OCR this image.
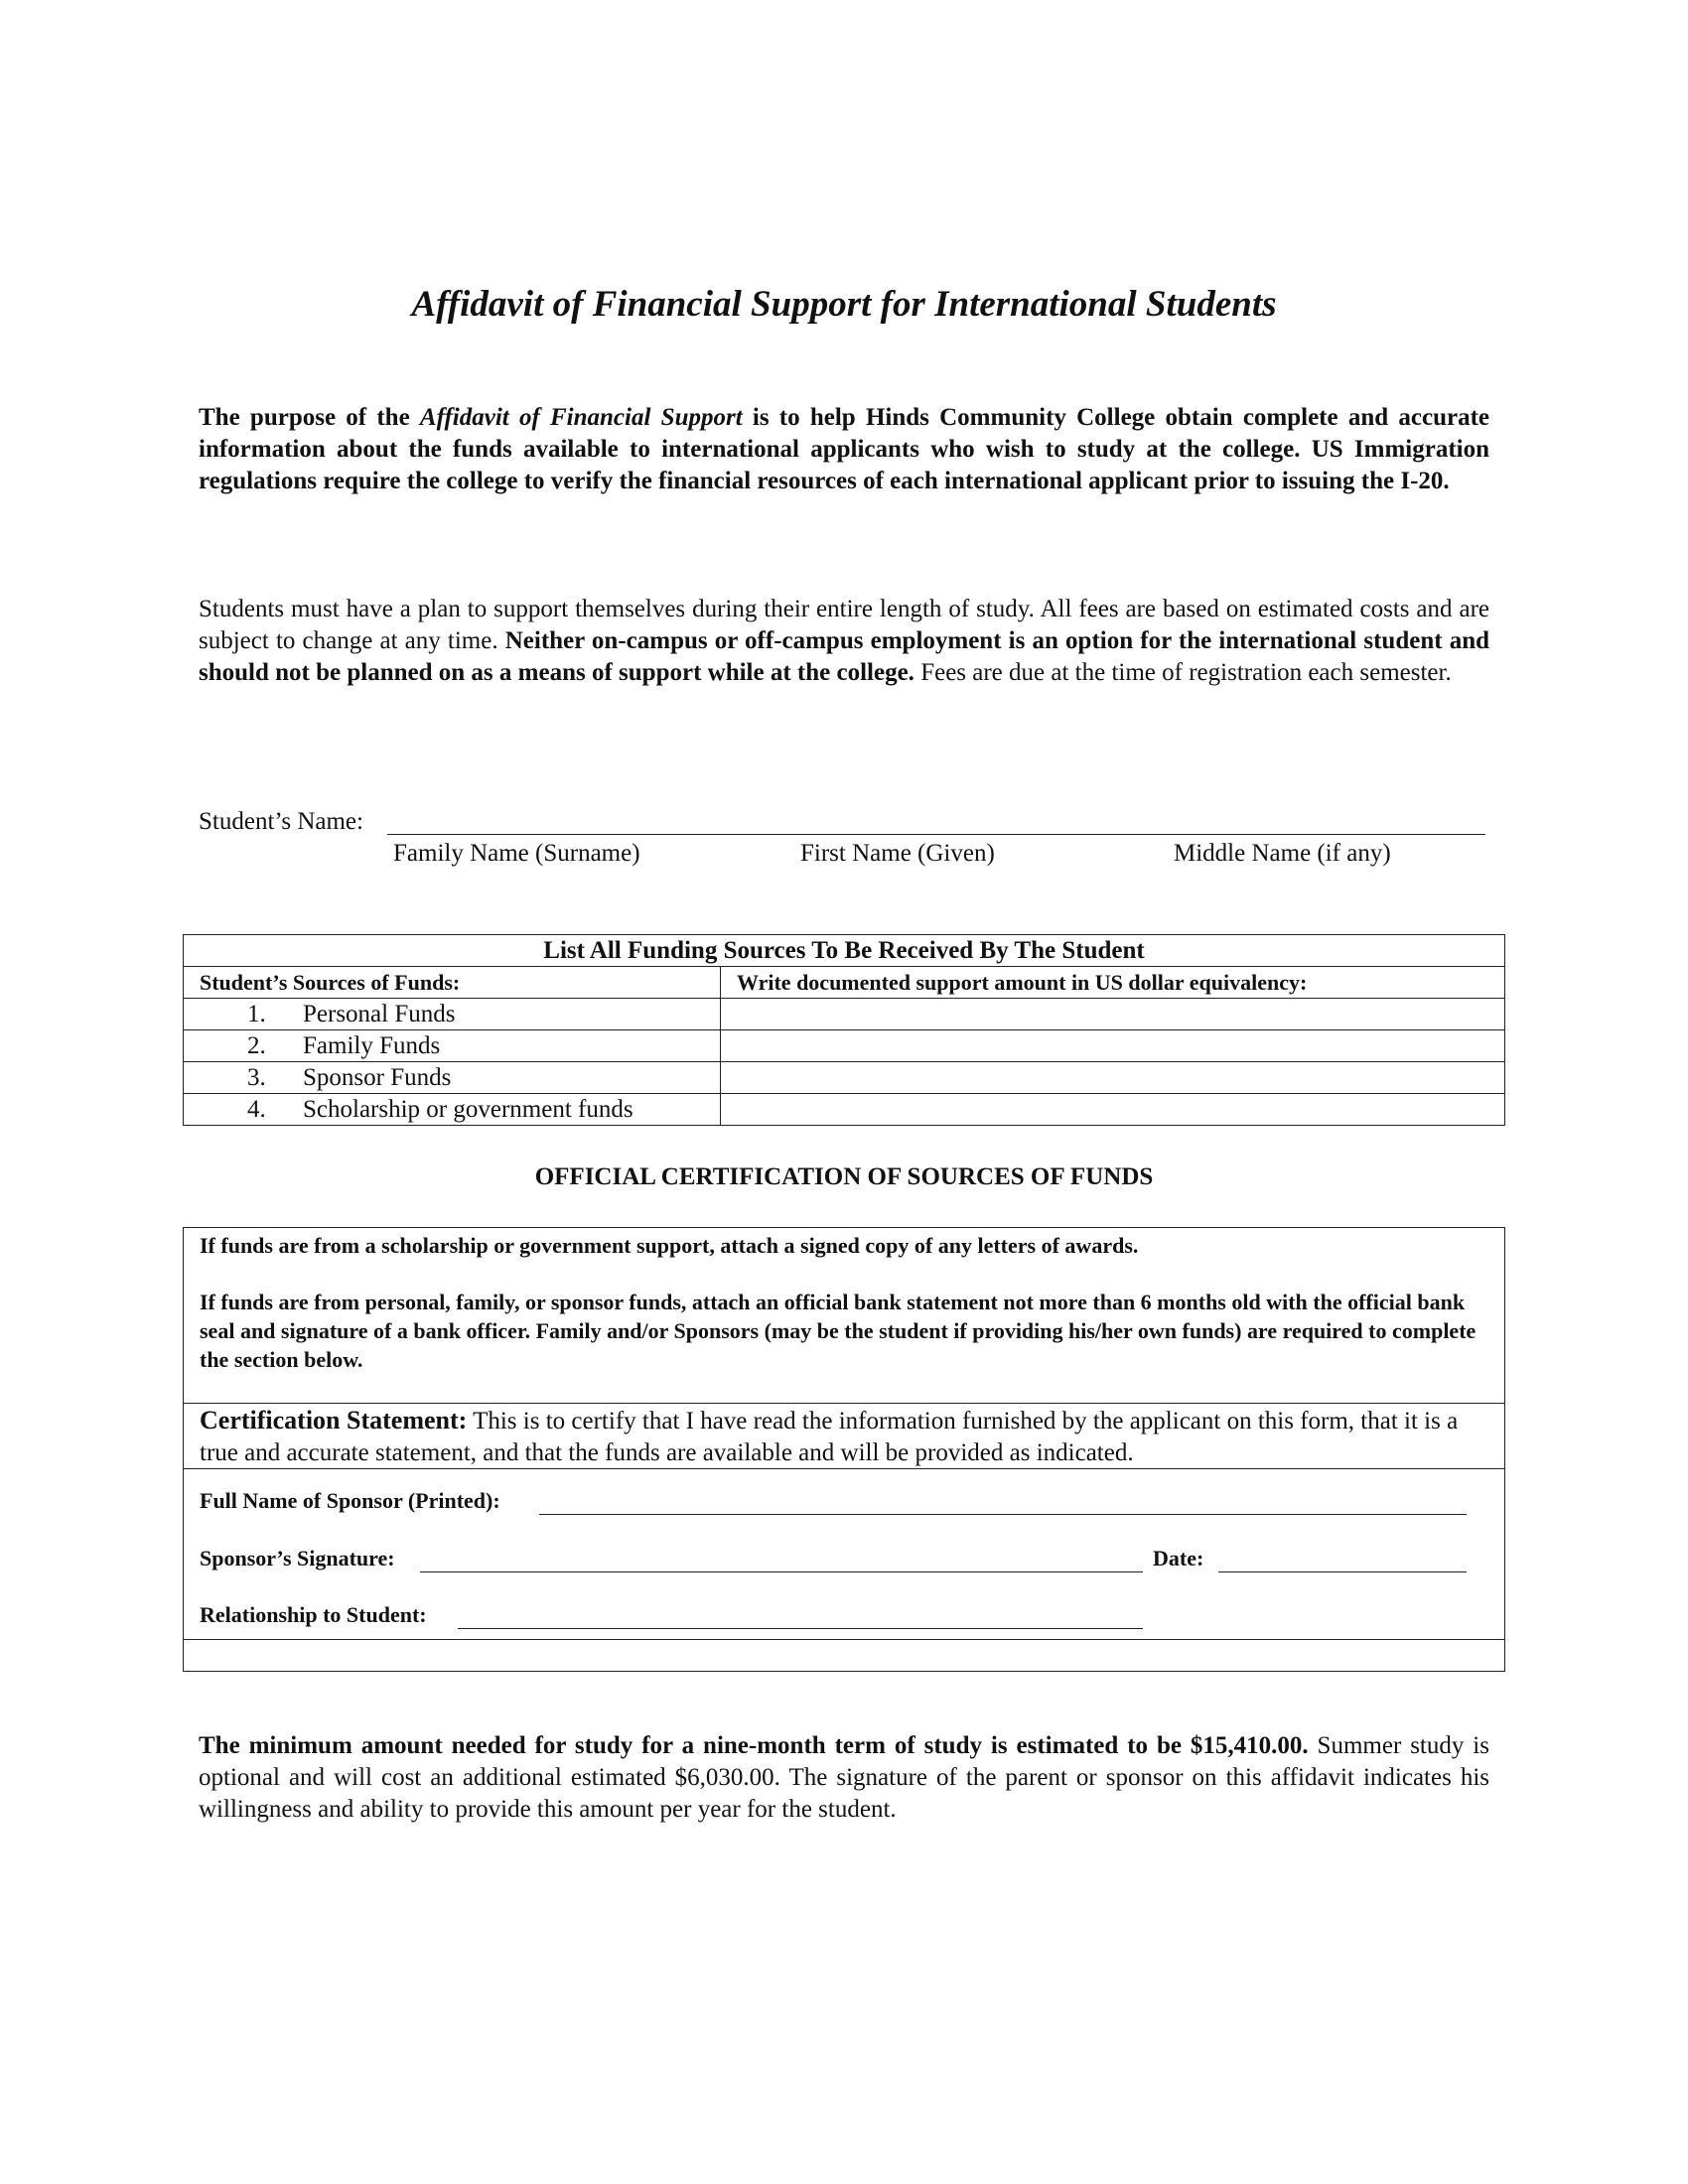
Affidavit of Financial Support for International Students
The purpose of the Affidavit of Financial Support is to help Hinds Community College obtain complete and accurate information about the funds available to international applicants who wish to study at the college. US Immigration regulations require the college to verify the financial resources of each international applicant prior to issuing the I-20.
Students must have a plan to support themselves during their entire length of study. All fees are based on estimated costs and are subject to change at any time. Neither on-campus or off-campus employment is an option for the international student and should not be planned on as a means of support while at the college. Fees are due at the time of registration each semester.
Student’s Name:
Family Name (Surname)	First Name (Given)	Middle Name (if any)
List All Funding Sources To Be Received By The Student	
Student’s Sources of Funds:	Write documented support amount in US dollar equivalency:
1. Personal Funds	
2. Family Funds	
3. Sponsor Funds	
4. Scholarship or government funds	
OFFICIAL CERTIFICATION OF SOURCES OF FUNDS
If funds are from a scholarship or government support, attach a signed copy of any letters of awards.
If funds are from personal, family, or sponsor funds, attach an official bank statement not more than 6 months old with the official bank seal and signature of a bank officer. Family and/or Sponsors (may be the student if providing his/her own funds) are required to complete the section below.
Certification Statement: This is to certify that I have read the information furnished by the applicant on this form, that it is a true and accurate statement, and that the funds are available and will be provided as indicated.
Full Name of Sponsor (Printed):
Sponsor’s Signature:	Date:
Relationship to Student:
The minimum amount needed for study for a nine-month term of study is estimated to be $15,410.00. Summer study is optional and will cost an additional estimated $6,030.00. The signature of the parent or sponsor on this affidavit indicates his willingness and ability to provide this amount per year for the student.
